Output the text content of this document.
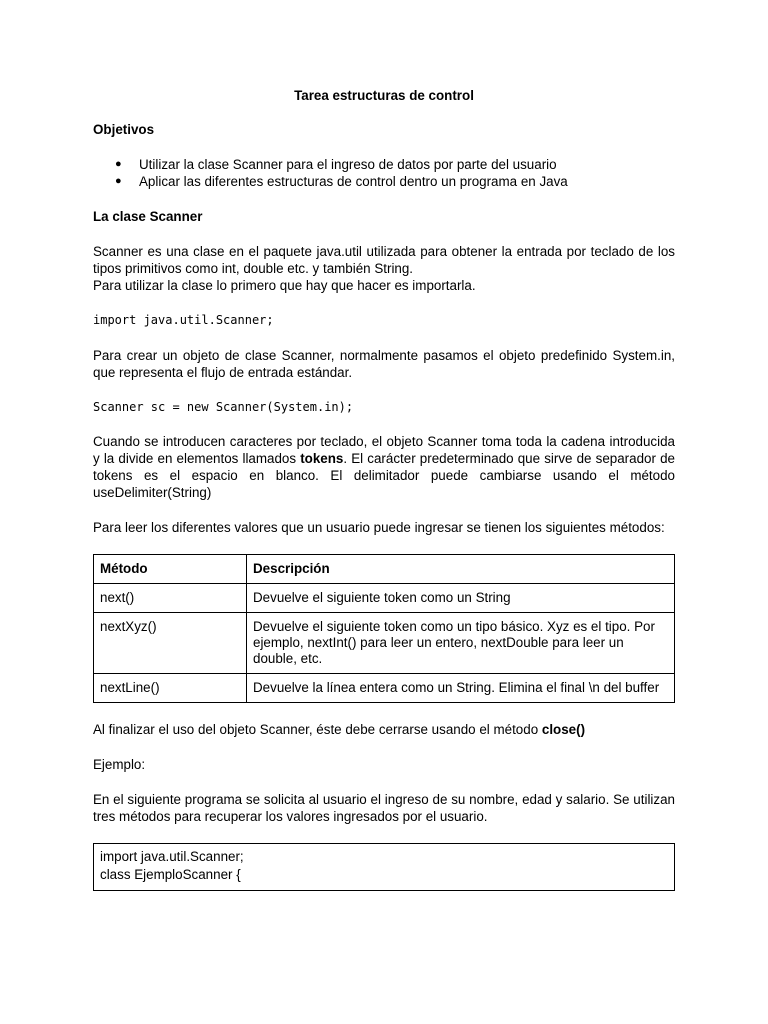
Tarea estructuras de control

Objetivos

● Utilizar la clase Scanner para el ingreso de datos por parte del usuario
● Aplicar las diferentes estructuras de control dentro un programa en Java

La clase Scanner

Scanner es una clase en el paquete java.util utilizada para obtener la entrada por teclado de los tipos primitivos como int, double etc. y también String.

Para utilizar la clase lo primero que hay que hacer es importarla.

import java.util.Scanner;

Para crear un objeto de clase Scanner, normalmente pasamos el objeto predefinido System.in, que representa el flujo de entrada estándar.

Scanner sc = new Scanner(System.in);

Cuando se introducen caracteres por teclado, el objeto Scanner toma toda la cadena introducida y la divide en elementos llamados tokens. El carácter predeterminado que sirve de separador de tokens es el espacio en blanco. El delimitador puede cambiarse usando el método useDelimiter(String)

Para leer los diferentes valores que un usuario puede ingresar se tienen los siguientes métodos:

Método	Descripción
next()	Devuelve el siguiente token como un String
nextXyz()	Devuelve el siguiente token como un tipo básico. Xyz es el tipo. Por ejemplo, nextInt() para leer un entero, nextDouble para leer un double, etc.
nextLine()	Devuelve la línea entera como un String. Elimina el final \n del buffer

Al finalizar el uso del objeto Scanner, éste debe cerrarse usando el método close()

Ejemplo:

En el siguiente programa se solicita al usuario el ingreso de su nombre, edad y salario. Se utilizan tres métodos para recuperar los valores ingresados por el usuario.

import java.util.Scanner;
class EjemploScanner {
